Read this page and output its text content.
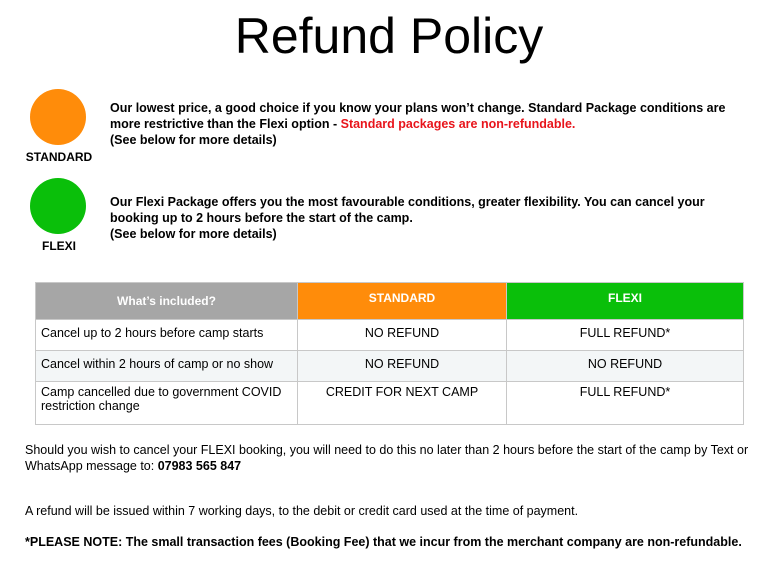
Refund Policy
STANDARD
Our lowest price, a good choice if you know your plans won’t change. Standard Package conditions are more restrictive than the Flexi option - Standard packages are non-refundable.
(See below for more details)
FLEXI
Our Flexi Package offers you the most favourable conditions, greater flexibility. You can cancel your booking up to 2 hours before the start of the camp.
(See below for more details)
What’s included?	STANDARD	FLEXI
Cancel up to 2 hours before camp starts	NO REFUND	FULL REFUND*
Cancel within 2 hours of camp or no show	NO REFUND	NO REFUND
Camp cancelled due to government COVID restriction change	CREDIT FOR NEXT CAMP	FULL REFUND*
Should you wish to cancel your FLEXI booking, you will need to do this no later than 2 hours before the start of the camp by Text or WhatsApp message to: 07983 565 847
A refund will be issued within 7 working days, to the debit or credit card used at the time of payment.
*PLEASE NOTE: The small transaction fees (Booking Fee) that we incur from the merchant company are non-refundable.
